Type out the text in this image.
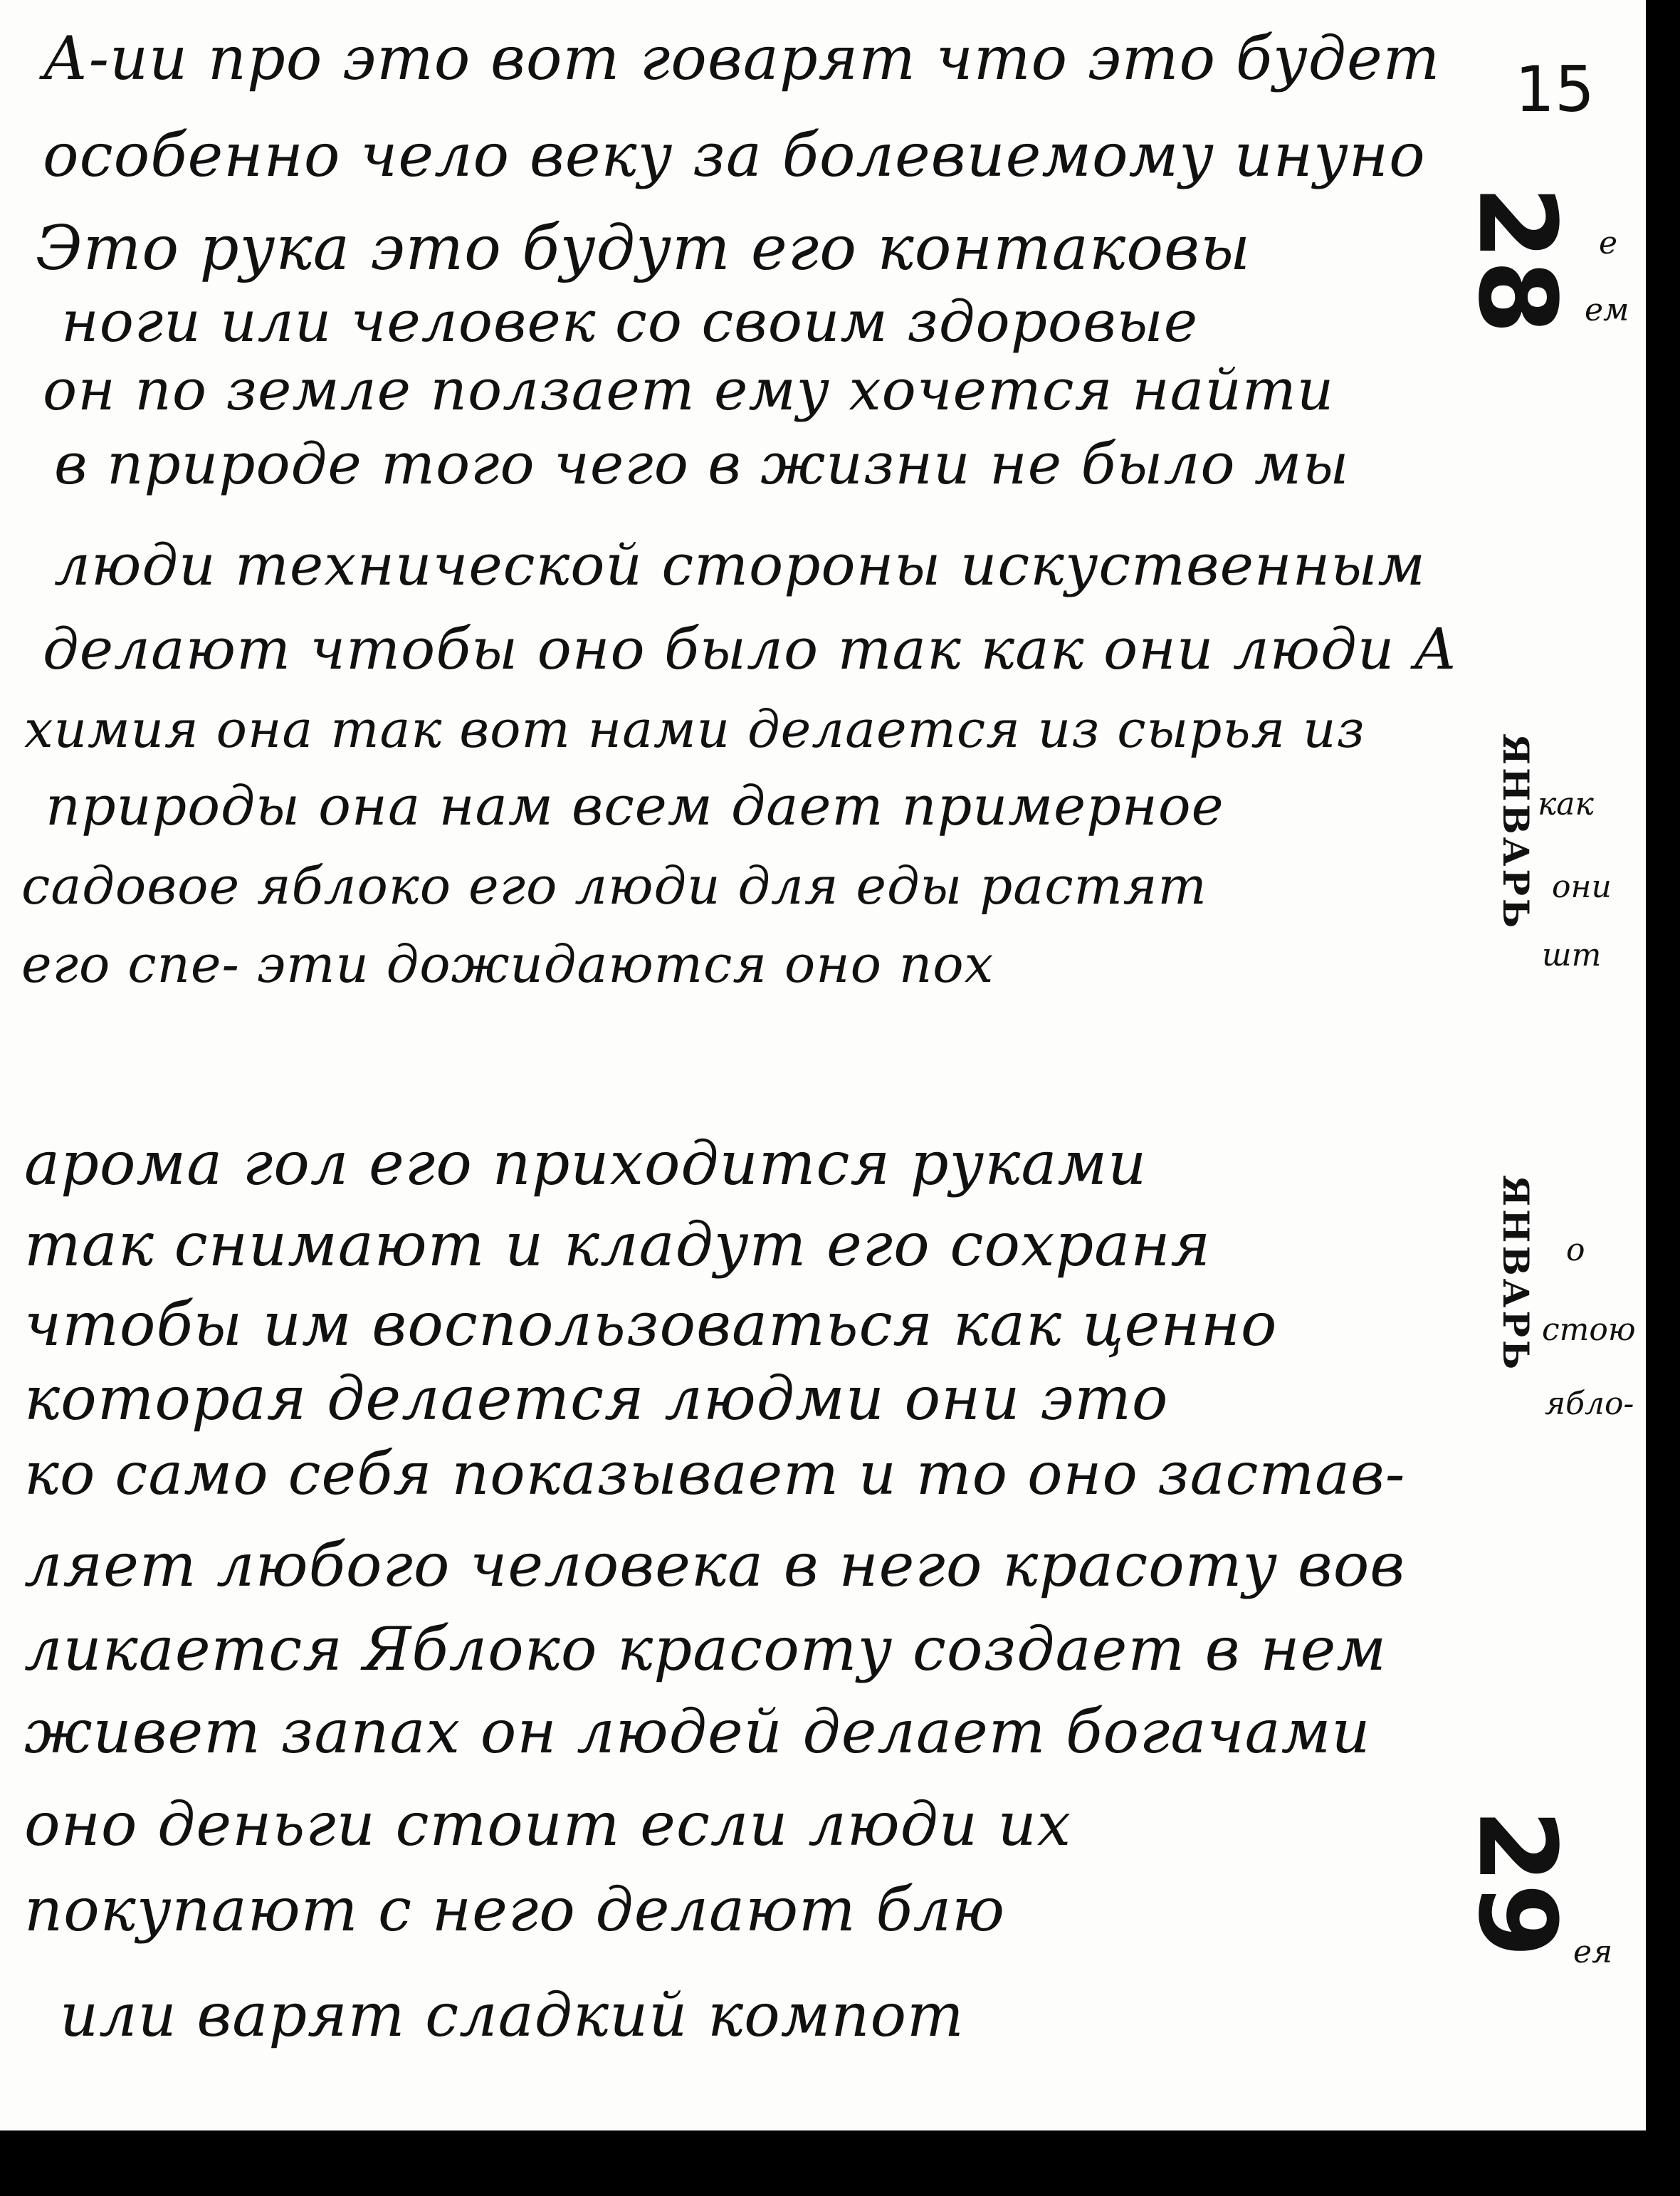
15
А-ии про это вот говарят что это будет
особенно чело веку за болевиемому инуно
Это рука это будут его контаковы
ноги или человек со своим здоровые
он по земле ползает ему хочется найти
в природе того чего в жизни не было мы
люди технической стороны искуственным
делают чтобы оно было так как они люди А
химия она так вот нами делается из сырья из
природы она нам всем дает примерное
садовое яблоко его люди для еды растят
его спе- эти дожидаются оно пох
е
ем
как
они
шт
28
ЯНВАРЬ
арома гол его приходится руками
так снимают и кладут его сохраня
чтобы им воспользоваться как ценно
которая делается людми они это
ко само себя показывает и то оно застав-
ляет любого человека в него красоту вов
ликается Яблоко красоту создает в нем
живет запах он людей делает богачами
оно деньги стоит если люди их
покупают с него делают блю
или варят сладкий компот
о
стою
ябло-
ея
ЯНВАРЬ
29
